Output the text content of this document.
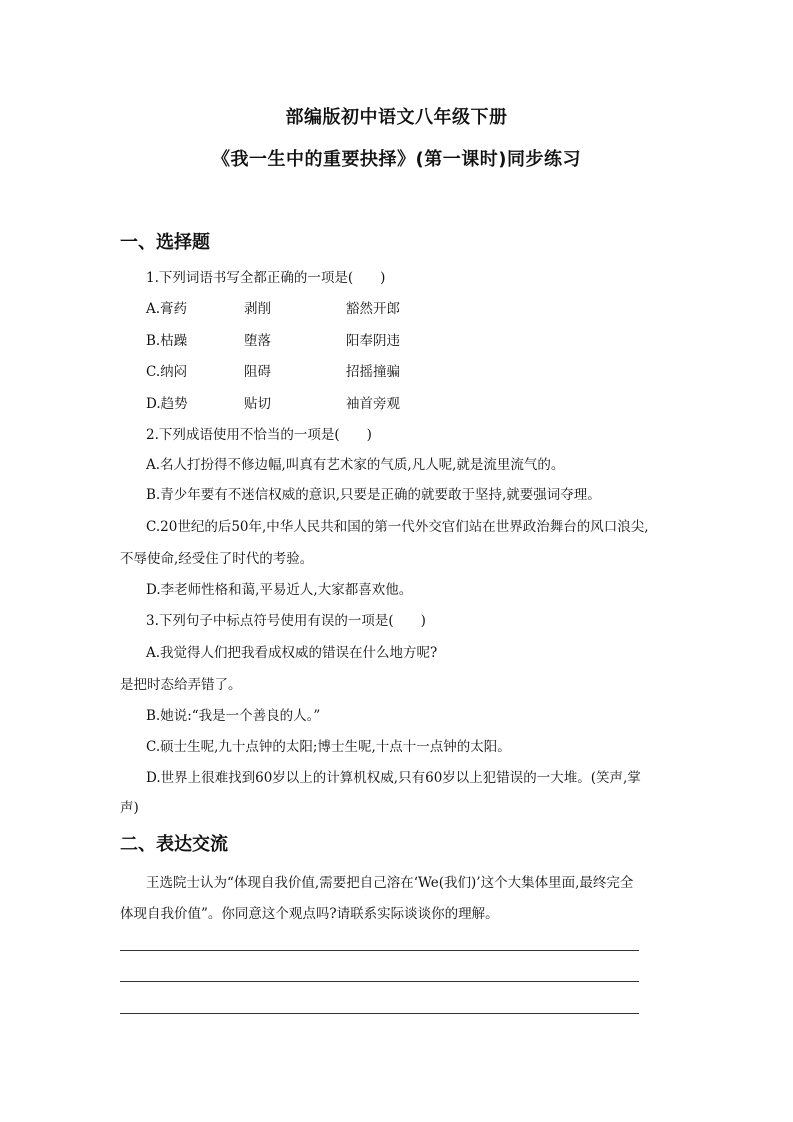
部编版初中语文八年级下册
《我一生中的重要抉择》(第一课时)同步练习
一、选择题
1.下列词语书写全都正确的一项是(　　)
A.膏药	剥削	豁然开郎
B.枯躁	堕落	阳奉阴违
C.纳闷	阻碍	招摇撞骗
D.趋势	贴切	袖首旁观
2.下列成语使用不恰当的一项是(　　)
A.名人打扮得不修边幅,叫真有艺术家的气质,凡人呢,就是流里流气的。
B.青少年要有不迷信权威的意识,只要是正确的就要敢于坚持,就要强词夺理。
C.20世纪的后50年,中华人民共和国的第一代外交官们站在世界政治舞台的风口浪尖,
不辱使命,经受住了时代的考验。
D.李老师性格和蔼,平易近人,大家都喜欢他。
3.下列句子中标点符号使用有误的一项是(　　)
A.我觉得人们把我看成权威的错误在什么地方呢?
是把时态给弄错了。
B.她说:“我是一个善良的人。”
C.硕士生呢,九十点钟的太阳;博士生呢,十点十一点钟的太阳。
D.世界上很难找到60岁以上的计算机权威,只有60岁以上犯错误的一大堆。(笑声,掌
声)
二、表达交流
王选院士认为“体现自我价值,需要把自己溶在‘We(我们)’这个大集体里面,最终完全
体现自我价值”。你同意这个观点吗?请联系实际谈谈你的理解。
